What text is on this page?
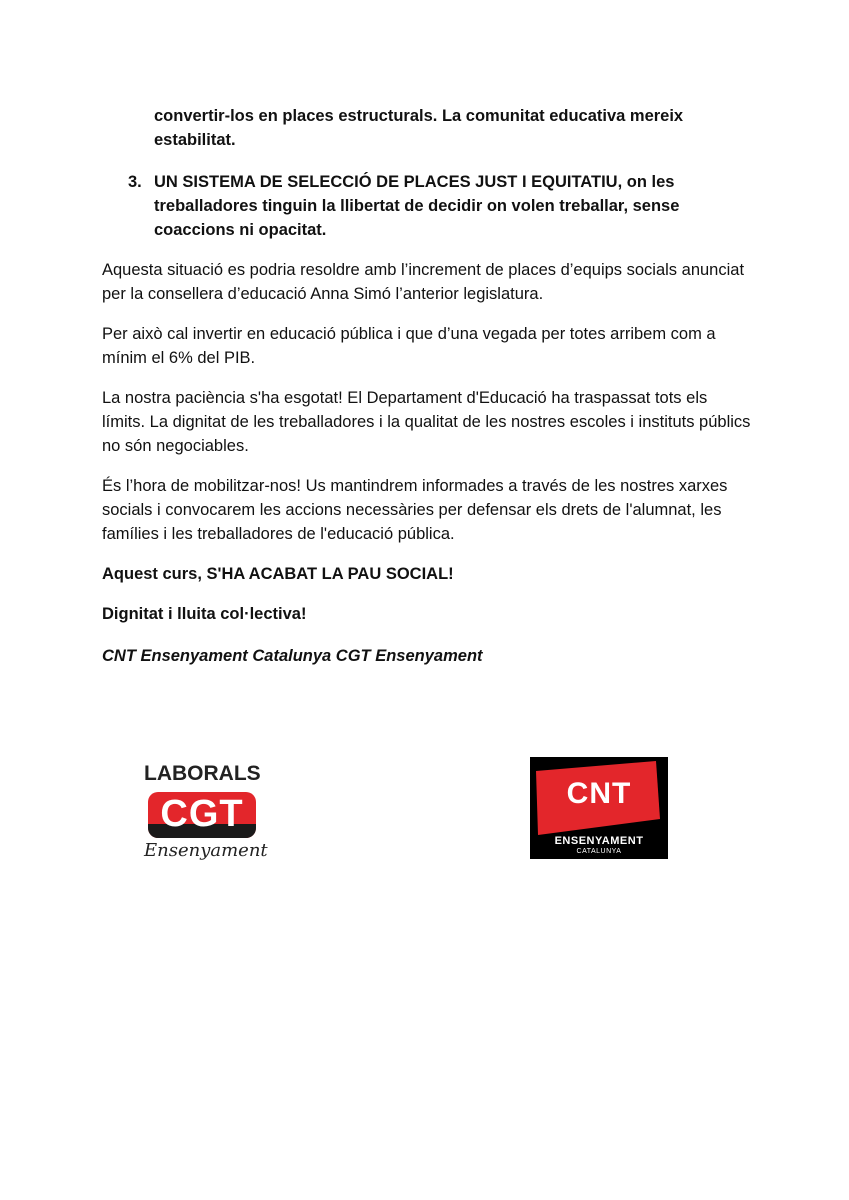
convertir-los en places estructurals. La comunitat educativa mereix estabilitat.

3. UN SISTEMA DE SELECCIÓ DE PLACES JUST I EQUITATIU, on les treballadores tinguin la llibertat de decidir on volen treballar, sense coaccions ni opacitat.

Aquesta situació es podria resoldre amb l’increment de places d’equips socials anunciat per la consellera d’educació Anna Simó l’anterior legislatura.

Per això cal invertir en educació pública i que d’una vegada per totes arribem com a mínim el 6% del PIB.

La nostra paciència s'ha esgotat! El Departament d'Educació ha traspassat tots els límits. La dignitat de les treballadores i la qualitat de les nostres escoles i instituts públics no són negociables.

És l’hora de mobilitzar-nos! Us mantindrem informades a través de les nostres xarxes socials i convocarem les accions necessàries per defensar els drets de l'alumnat, les famílies i les treballadores de l'educació pública.

Aquest curs, S'HA ACABAT LA PAU SOCIAL!

Dignitat i lluita col·lectiva!

CNT Ensenyament Catalunya CGT Ensenyament

LABORALS
CGT
Ensenyament
CNT
ENSENYAMENT
CATALUNYA
